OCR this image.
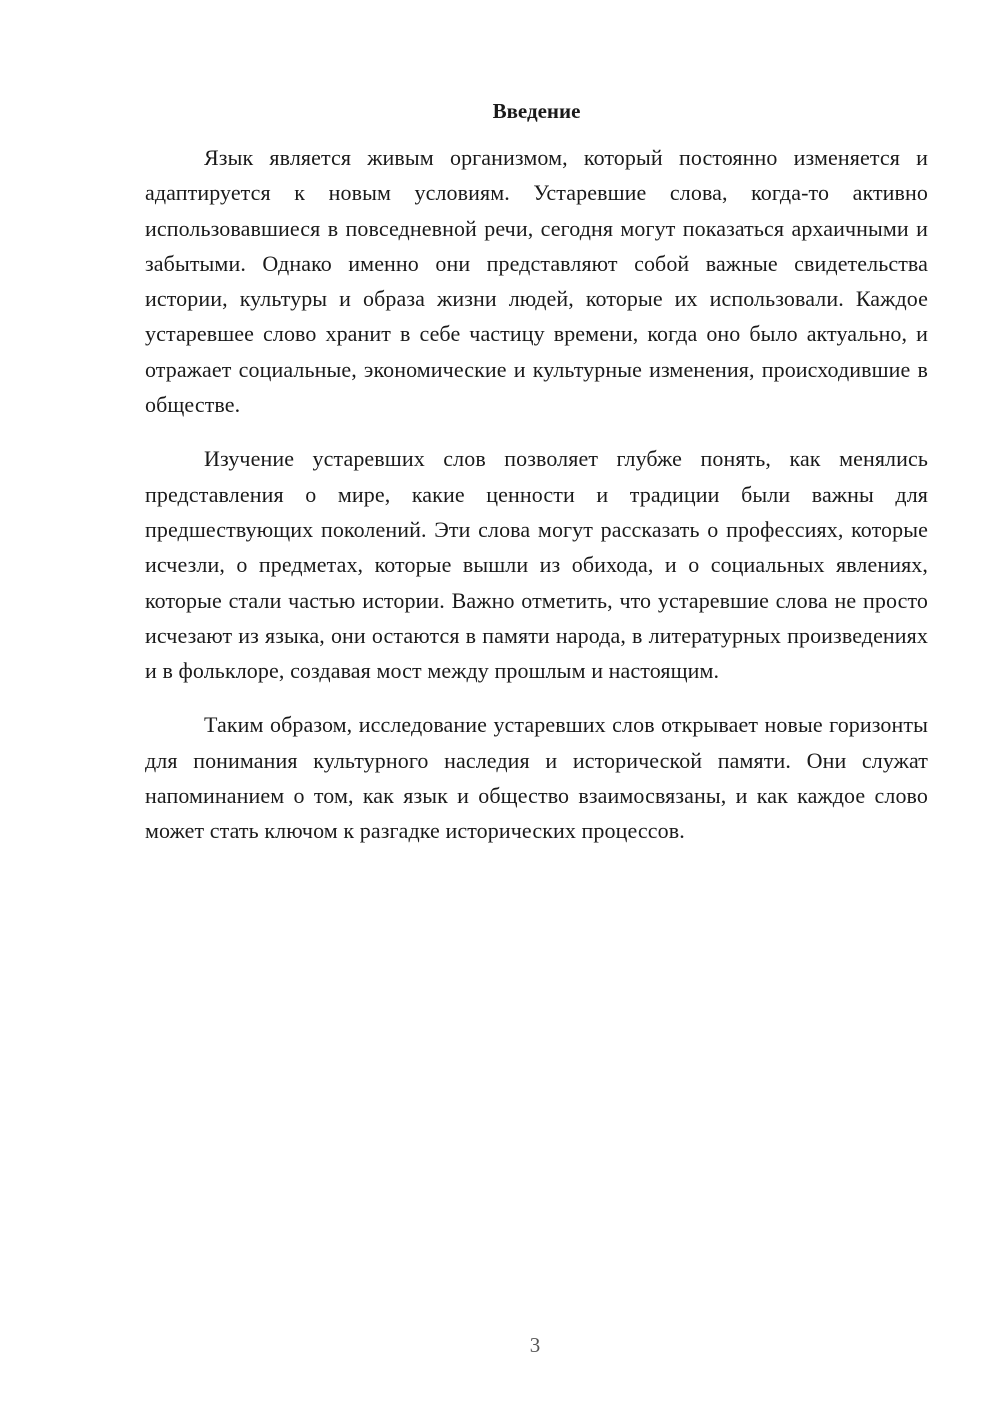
Введение

Язык является живым организмом, который постоянно изменяется и адаптируется к новым условиям. Устаревшие слова, когда-то активно использовавшиеся в повседневной речи, сегодня могут показаться архаичными и забытыми. Однако именно они представляют собой важные свидетельства истории, культуры и образа жизни людей, которые их использовали. Каждое устаревшее слово хранит в себе частицу времени, когда оно было актуально, и отражает социальные, экономические и культурные изменения, происходившие в обществе.

Изучение устаревших слов позволяет глубже понять, как менялись представления о мире, какие ценности и традиции были важны для предшествующих поколений. Эти слова могут рассказать о профессиях, которые исчезли, о предметах, которые вышли из обихода, и о социальных явлениях, которые стали частью истории. Важно отметить, что устаревшие слова не просто исчезают из языка, они остаются в памяти народа, в литературных произведениях и в фольклоре, создавая мост между прошлым и настоящим.

Таким образом, исследование устаревших слов открывает новые горизонты для понимания культурного наследия и исторической памяти. Они служат напоминанием о том, как язык и общество взаимосвязаны, и как каждое слово может стать ключом к разгадке исторических процессов.

3
